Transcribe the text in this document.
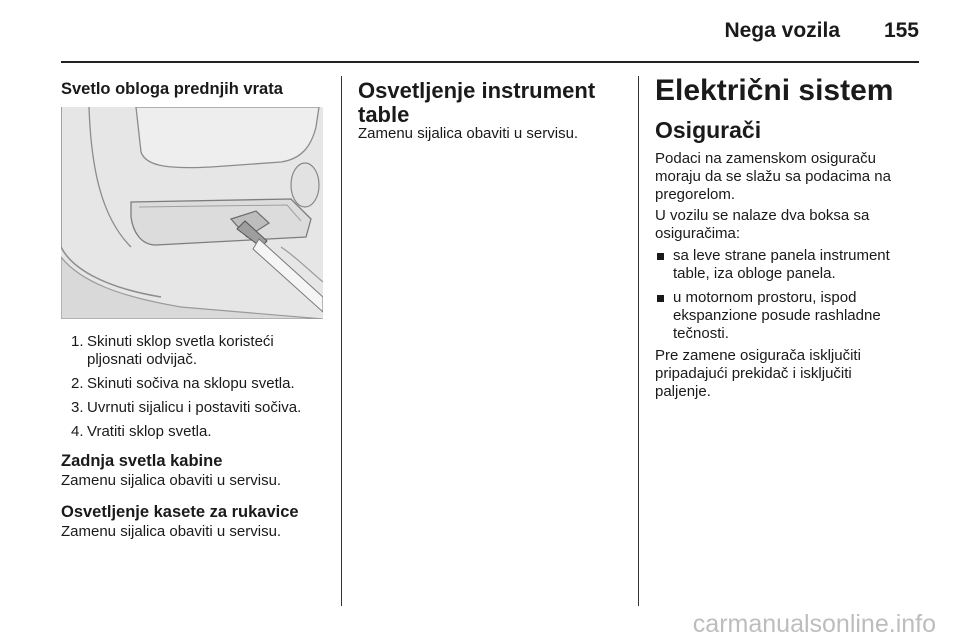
Nega vozila 155
Svetlo obloga prednjih vrata
1. Skinuti sklop svetla koristeći pljosnati odvijač.
2. Skinuti sočiva na sklopu svetla.
3. Uvrnuti sijalicu i postaviti sočiva.
4. Vratiti sklop svetla.
Zadnja svetla kabine
Zamenu sijalica obaviti u servisu.
Osvetljenje kasete za rukavice
Zamenu sijalica obaviti u servisu.
Osvetljenje instrument table
Zamenu sijalica obaviti u servisu.
Električni sistem
Osigurači
Podaci na zamenskom osiguraču moraju da se slažu sa podacima na pregorelom.
U vozilu se nalaze dva boksa sa osiguračima:
sa leve strane panela instrument table, iza obloge panela.
u motornom prostoru, ispod ekspanzione posude rashladne tečnosti.
Pre zamene osigurača isključiti pripadajući prekidač i isključiti paljenje.
carmanualsonline.info
